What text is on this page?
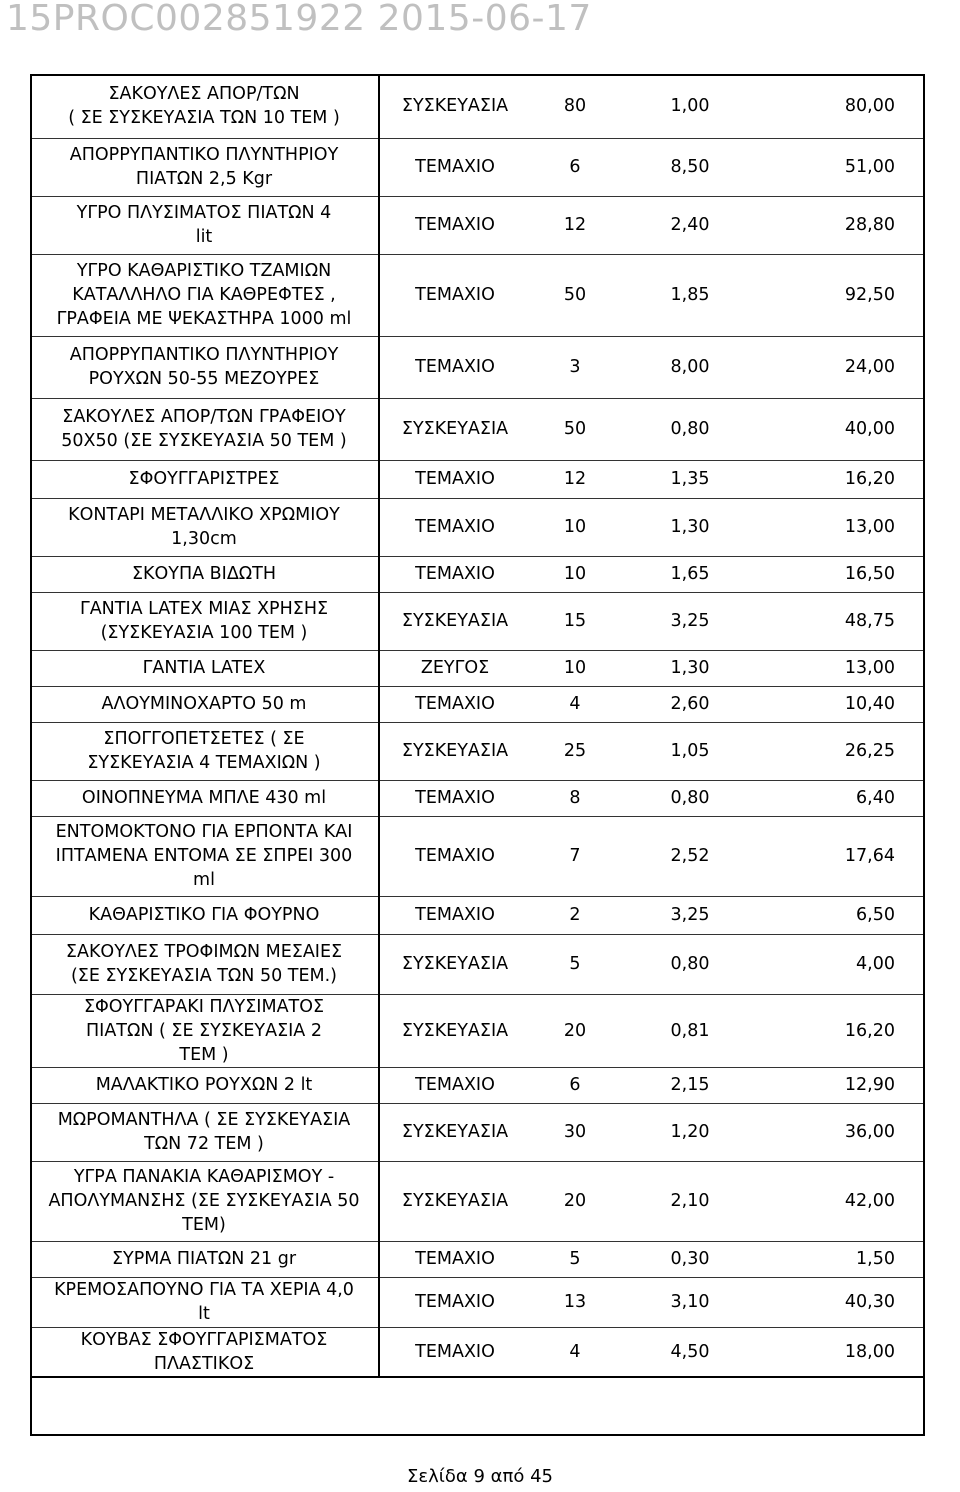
15PROC002851922 2015-06-17
ΣΑΚΟΥΛΕΣ ΑΠΟΡ/ΤΩΝ
( ΣΕ ΣΥΣΚΕΥΑΣΙΑ ΤΩΝ 10 ΤΕΜ )	ΣΥΣΚΕΥΑΣΙΑ	80	1,00	80,00
ΑΠΟΡΡΥΠΑΝΤΙΚΟ ΠΛΥΝΤΗΡΙΟΥ
ΠΙΑΤΩΝ 2,5 Kgr	ΤΕΜΑΧΙΟ	6	8,50	51,00
ΥΓΡΟ ΠΛΥΣΙΜΑΤΟΣ ΠΙΑΤΩΝ 4
lit	ΤΕΜΑΧΙΟ	12	2,40	28,80
ΥΓΡΟ ΚΑΘΑΡΙΣΤΙΚΟ ΤΖΑΜΙΩΝ
ΚΑΤΑΛΛΗΛΟ ΓΙΑ ΚΑΘΡΕΦΤΕΣ ,
ΓΡΑΦΕΙΑ ΜΕ ΨΕΚΑΣΤΗΡΑ 1000 ml	ΤΕΜΑΧΙΟ	50	1,85	92,50
ΑΠΟΡΡΥΠΑΝΤΙΚΟ ΠΛΥΝΤΗΡΙΟΥ
ΡΟΥΧΩΝ 50-55 ΜΕΖΟΥΡΕΣ	ΤΕΜΑΧΙΟ	3	8,00	24,00
ΣΑΚΟΥΛΕΣ ΑΠΟΡ/ΤΩΝ ΓΡΑΦΕΙΟΥ
50Χ50 (ΣΕ ΣΥΣΚΕΥΑΣΙΑ 50 ΤΕΜ )	ΣΥΣΚΕΥΑΣΙΑ	50	0,80	40,00
ΣΦΟΥΓΓΑΡΙΣΤΡΕΣ	ΤΕΜΑΧΙΟ	12	1,35	16,20
ΚΟΝΤΑΡΙ ΜΕΤΑΛΛΙΚΟ ΧΡΩΜΙΟΥ
1,30cm	ΤΕΜΑΧΙΟ	10	1,30	13,00
ΣΚΟΥΠΑ ΒΙΔΩΤΗ	ΤΕΜΑΧΙΟ	10	1,65	16,50
ΓΑΝΤΙΑ LATEX ΜΙΑΣ ΧΡΗΣΗΣ
(ΣΥΣΚΕΥΑΣΙΑ 100 ΤΕΜ )	ΣΥΣΚΕΥΑΣΙΑ	15	3,25	48,75
ΓΑΝΤΙΑ LATEX	ΖΕΥΓΟΣ	10	1,30	13,00
ΑΛΟΥΜΙΝΟΧΑΡΤΟ 50 m	ΤΕΜΑΧΙΟ	4	2,60	10,40
ΣΠΟΓΓΟΠΕΤΣΕΤΕΣ ( ΣΕ
ΣΥΣΚΕΥΑΣΙΑ 4 ΤΕΜΑΧΙΩΝ )	ΣΥΣΚΕΥΑΣΙΑ	25	1,05	26,25
ΟΙΝΟΠΝΕΥΜΑ ΜΠΛΕ 430 ml	ΤΕΜΑΧΙΟ	8	0,80	6,40
ΕΝΤΟΜΟΚΤΟΝΟ ΓΙΑ ΕΡΠΟΝΤΑ ΚΑΙ
ΙΠΤΑΜΕΝΑ ΕΝΤΟΜΑ ΣΕ ΣΠΡΕΙ 300
ml	ΤΕΜΑΧΙΟ	7	2,52	17,64
ΚΑΘΑΡΙΣΤΙΚΟ ΓΙΑ ΦΟΥΡΝΟ	ΤΕΜΑΧΙΟ	2	3,25	6,50
ΣΑΚΟΥΛΕΣ ΤΡΟΦΙΜΩΝ ΜΕΣΑΙΕΣ
(ΣΕ ΣΥΣΚΕΥΑΣΙΑ ΤΩΝ 50 ΤΕΜ.)	ΣΥΣΚΕΥΑΣΙΑ	5	0,80	4,00
ΣΦΟΥΓΓΑΡΑΚΙ ΠΛΥΣΙΜΑΤΟΣ
ΠΙΑΤΩΝ ( ΣΕ ΣΥΣΚΕΥΑΣΙΑ 2
ΤΕΜ )	ΣΥΣΚΕΥΑΣΙΑ	20	0,81	16,20
ΜΑΛΑΚΤΙΚΟ ΡΟΥΧΩΝ 2 lt	ΤΕΜΑΧΙΟ	6	2,15	12,90
ΜΩΡΟΜΑΝΤΗΛΑ ( ΣΕ ΣΥΣΚΕΥΑΣΙΑ
ΤΩΝ 72 ΤΕΜ )	ΣΥΣΚΕΥΑΣΙΑ	30	1,20	36,00
ΥΓΡΑ ΠΑΝΑΚΙΑ ΚΑΘΑΡΙΣΜΟΥ -
ΑΠΟΛΥΜΑΝΣΗΣ (ΣΕ ΣΥΣΚΕΥΑΣΙΑ 50
ΤΕΜ)	ΣΥΣΚΕΥΑΣΙΑ	20	2,10	42,00
ΣΥΡΜΑ ΠΙΑΤΩΝ 21 gr	ΤΕΜΑΧΙΟ	5	0,30	1,50
ΚΡΕΜΟΣΑΠΟΥΝΟ ΓΙΑ ΤΑ ΧΕΡΙΑ 4,0
lt	ΤΕΜΑΧΙΟ	13	3,10	40,30
ΚΟΥΒΑΣ ΣΦΟΥΓΓΑΡΙΣΜΑΤΟΣ
ΠΛΑΣΤΙΚΟΣ	ΤΕΜΑΧΙΟ	4	4,50	18,00
Σελίδα 9 από 45
